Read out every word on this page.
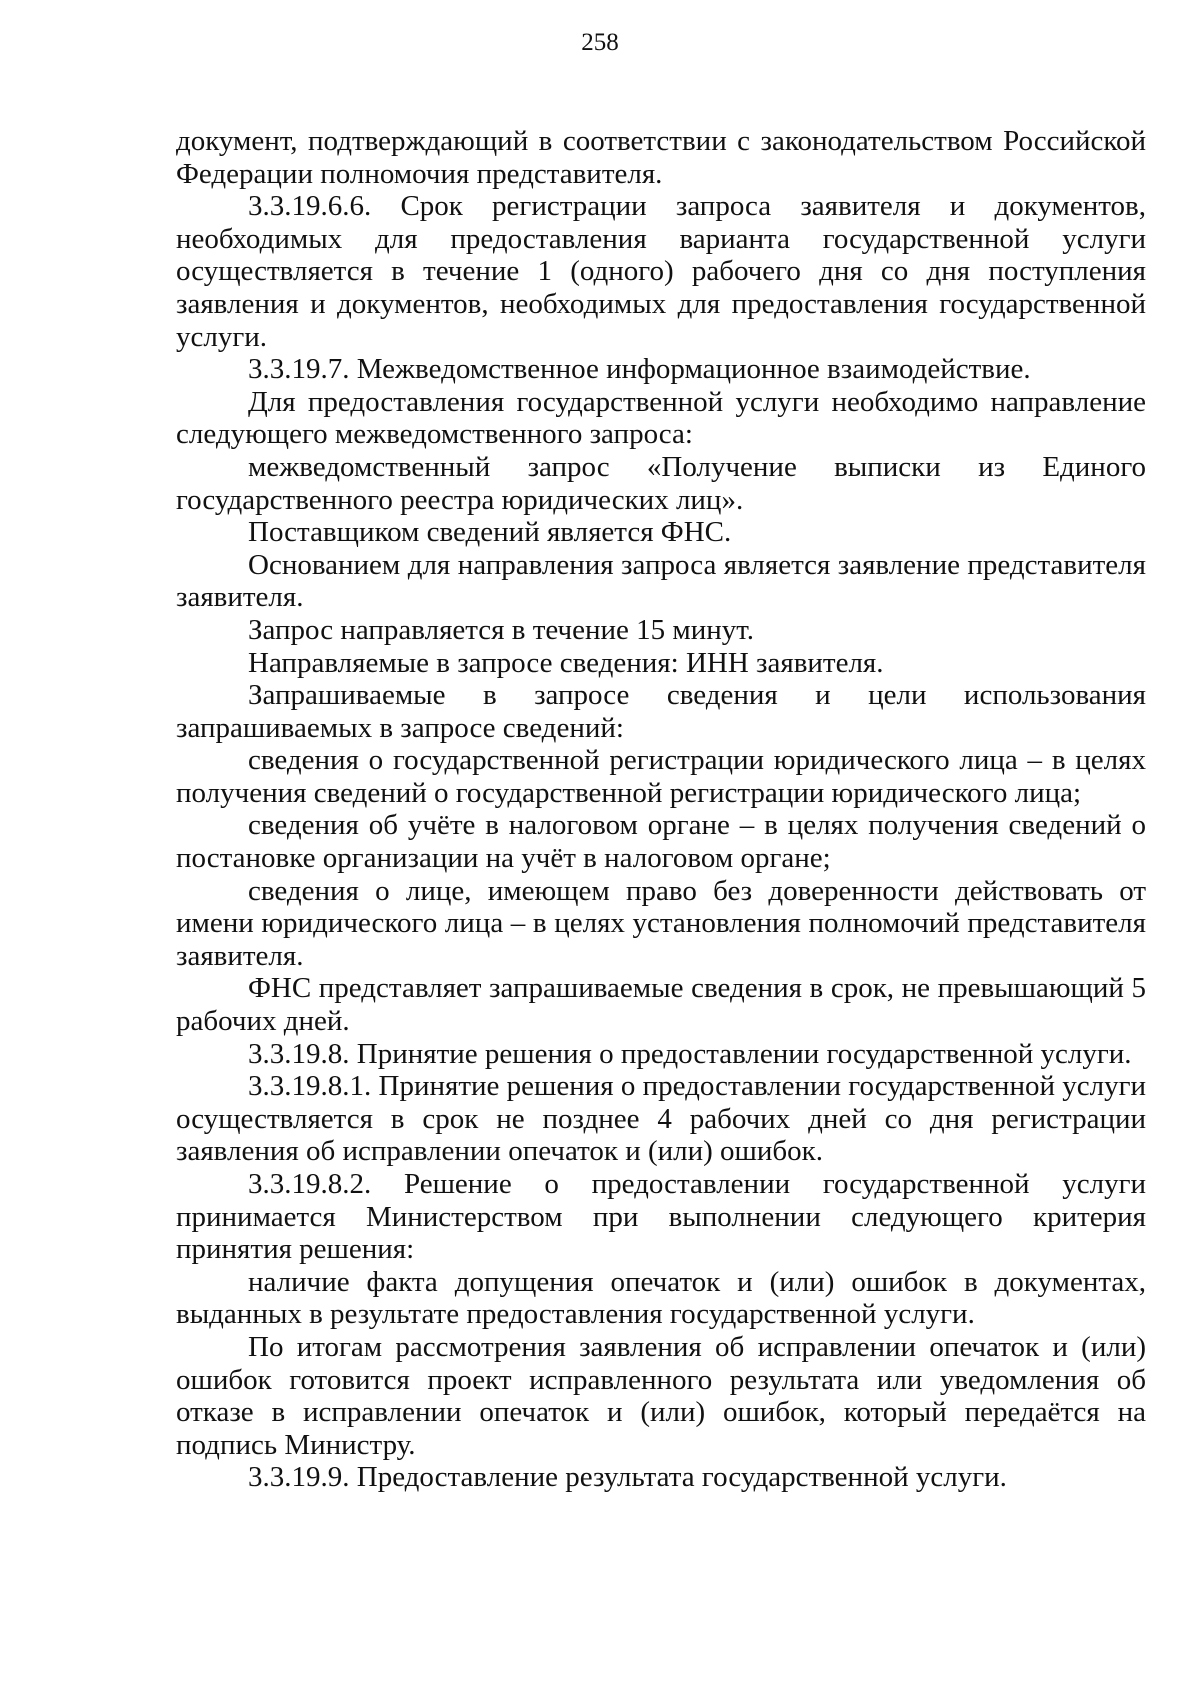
258

документ, подтверждающий в соответствии с законодательством Российской Федерации полномочия представителя.

3.3.19.6.6. Срок регистрации запроса заявителя и документов, необходимых для предоставления варианта государственной услуги осуществляется в течение 1 (одного) рабочего дня со дня поступления заявления и документов, необходимых для предоставления государственной услуги.

3.3.19.7. Межведомственное информационное взаимодействие.

Для предоставления государственной услуги необходимо направление следующего межведомственного запроса:

межведомственный запрос «Получение выписки из Единого государственного реестра юридических лиц».

Поставщиком сведений является ФНС.

Основанием для направления запроса является заявление представителя заявителя.

Запрос направляется в течение 15 минут.

Направляемые в запросе сведения: ИНН заявителя.

Запрашиваемые в запросе сведения и цели использования запрашиваемых в запросе сведений:

сведения о государственной регистрации юридического лица – в целях получения сведений о государственной регистрации юридического лица;

сведения об учёте в налоговом органе – в целях получения сведений о постановке организации на учёт в налоговом органе;

сведения о лице, имеющем право без доверенности действовать от имени юридического лица – в целях установления полномочий представителя заявителя.

ФНС представляет запрашиваемые сведения в срок, не превышающий 5 рабочих дней.

3.3.19.8. Принятие решения о предоставлении государственной услуги.

3.3.19.8.1. Принятие решения о предоставлении государственной услуги осуществляется в срок не позднее 4 рабочих дней со дня регистрации заявления об исправлении опечаток и (или) ошибок.

3.3.19.8.2. Решение о предоставлении государственной услуги принимается Министерством при выполнении следующего критерия принятия решения:

наличие факта допущения опечаток и (или) ошибок в документах, выданных в результате предоставления государственной услуги.

По итогам рассмотрения заявления об исправлении опечаток и (или) ошибок готовится проект исправленного результата или уведомления об отказе в исправлении опечаток и (или) ошибок, который передаётся на подпись Министру.

3.3.19.9. Предоставление результата государственной услуги.
